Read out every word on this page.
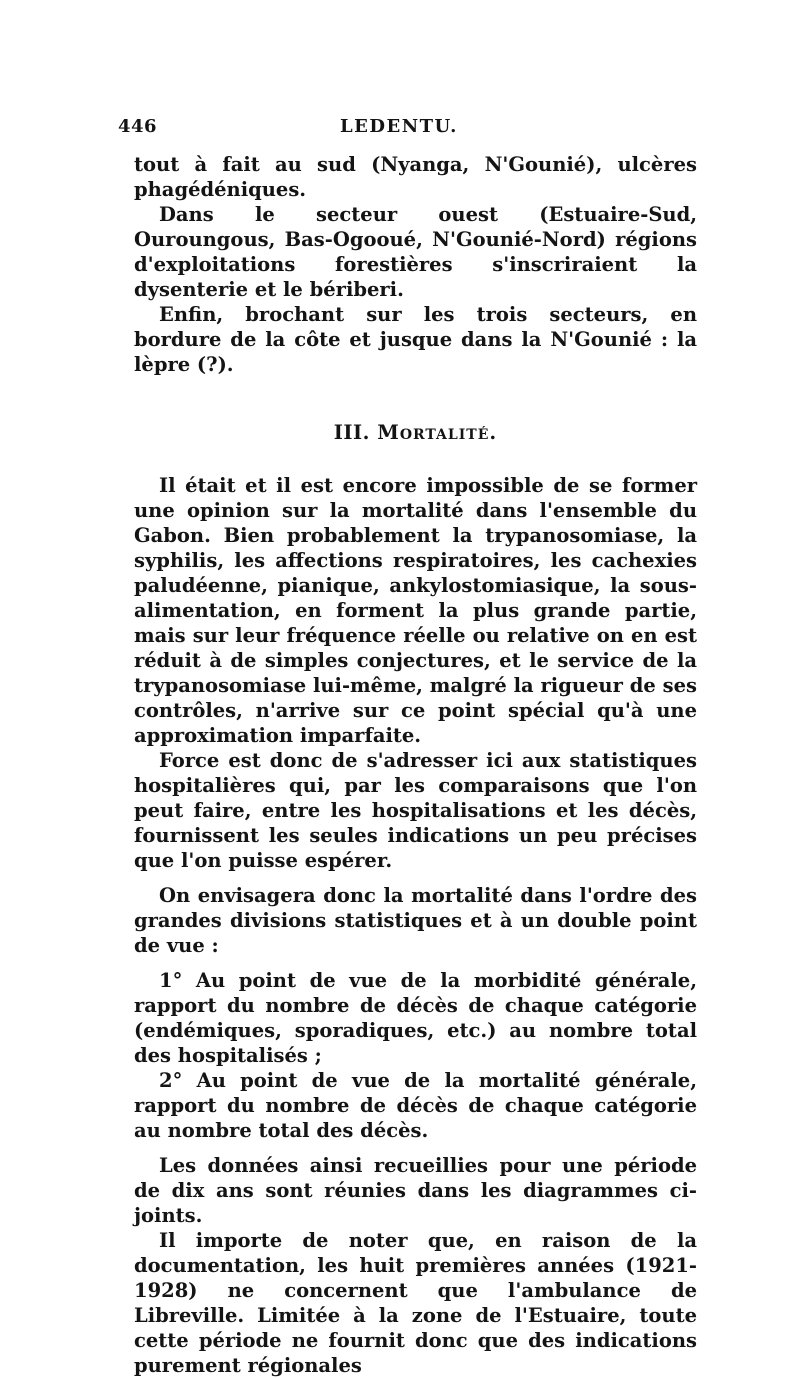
446	LEDENTU.

tout à fait au sud (Nyanga, N'Gounié), ulcères phagédéniques.

Dans le secteur ouest (Estuaire-Sud, Ouroungous, Bas-Ogooué, N'Gounié-Nord) régions d'exploitations forestières s'inscriraient la dysenterie et le bériberi.

Enfin, brochant sur les trois secteurs, en bordure de la côte et jusque dans la N'Gounié : la lèpre (?).

III. Mortalité.

Il était et il est encore impossible de se former une opinion sur la mortalité dans l'ensemble du Gabon. Bien probablement la trypanosomiase, la syphilis, les affections respiratoires, les cachexies paludéenne, pianique, ankylostomiasique, la sous-alimentation, en forment la plus grande partie, mais sur leur fréquence réelle ou relative on en est réduit à de simples conjectures, et le service de la trypanosomiase lui-même, malgré la rigueur de ses contrôles, n'arrive sur ce point spécial qu'à une approximation imparfaite.

Force est donc de s'adresser ici aux statistiques hospitalières qui, par les comparaisons que l'on peut faire, entre les hospitalisations et les décès, fournissent les seules indications un peu précises que l'on puisse espérer.

On envisagera donc la mortalité dans l'ordre des grandes divisions statistiques et à un double point de vue :

1° Au point de vue de la morbidité générale, rapport du nombre de décès de chaque catégorie (endémiques, sporadiques, etc.) au nombre total des hospitalisés ;

2° Au point de vue de la mortalité générale, rapport du nombre de décès de chaque catégorie au nombre total des décès.

Les données ainsi recueillies pour une période de dix ans sont réunies dans les diagrammes ci-joints.

Il importe de noter que, en raison de la documentation, les huit premières années (1921-1928) ne concernent que l'ambulance de Libreville. Limitée à la zone de l'Estuaire, toute cette période ne fournit donc que des indications purement régionales
